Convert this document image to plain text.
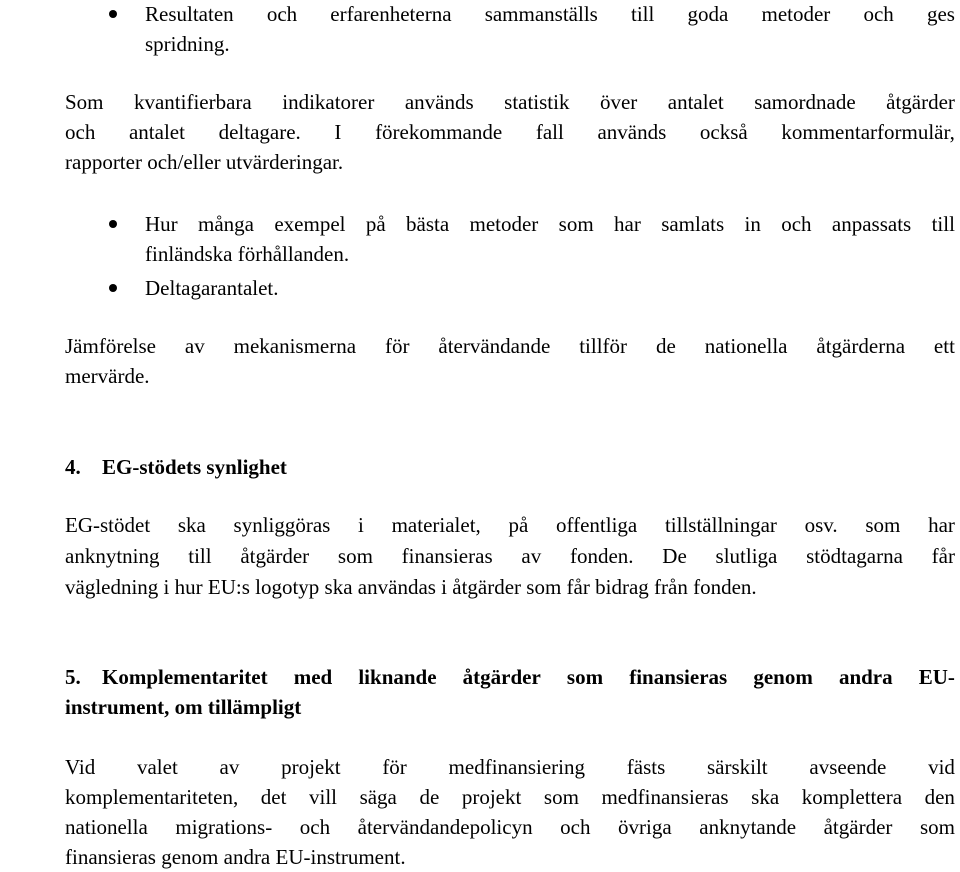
Resultaten och erfarenheterna sammanställs till goda metoder och ges
spridning.
Som kvantifierbara indikatorer används statistik över antalet samordnade åtgärder
och antalet deltagare. I förekommande fall används också kommentarformulär,
rapporter och/eller utvärderingar.
Hur många exempel på bästa metoder som har samlats in och anpassats till
finländska förhållanden.
Deltagarantalet.
Jämförelse av mekanismerna för återvändande tillför de nationella åtgärderna ett
mervärde.
4. EG-stödets synlighet
EG-stödet ska synliggöras i materialet, på offentliga tillställningar osv. som har
anknytning till åtgärder som finansieras av fonden. De slutliga stödtagarna får
vägledning i hur EU:s logotyp ska användas i åtgärder som får bidrag från fonden.
5. Komplementaritet med liknande åtgärder som finansieras genom andra EU-
instrument, om tillämpligt
Vid valet av projekt för medfinansiering fästs särskilt avseende vid
komplementariteten, det vill säga de projekt som medfinansieras ska komplettera den
nationella migrations- och återvändandepolicyn och övriga anknytande åtgärder som
finansieras genom andra EU-instrument.
